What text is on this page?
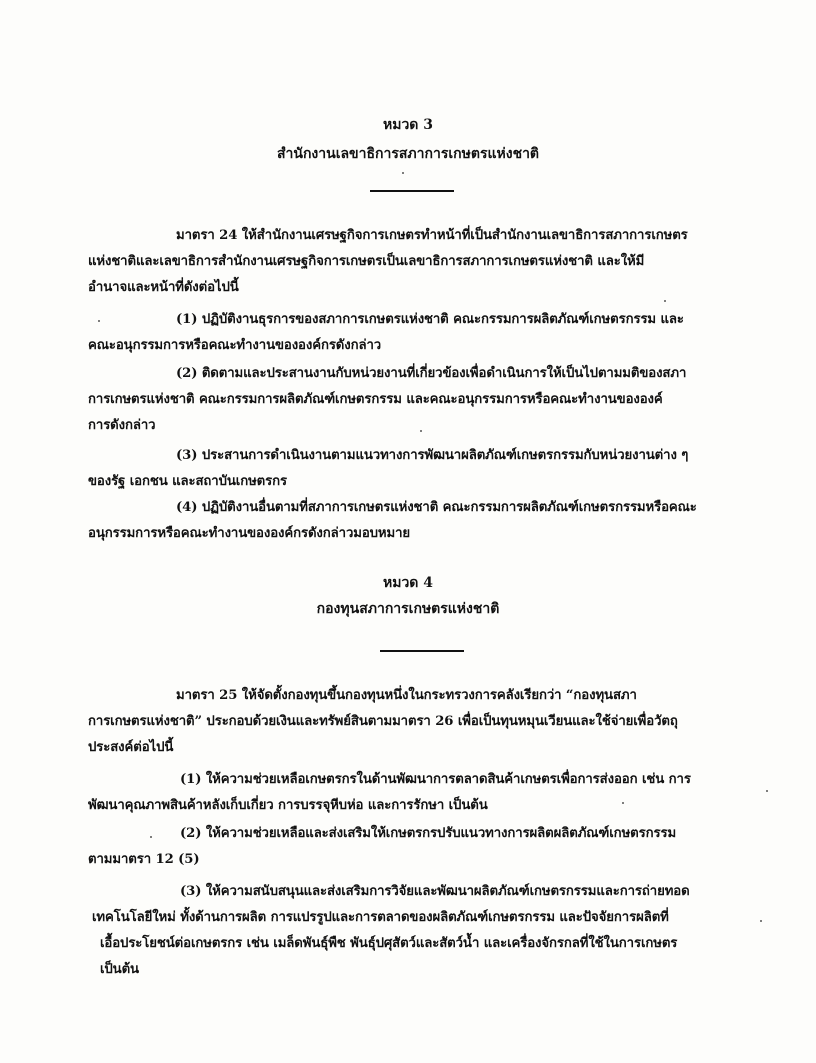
หมวด 3
สำนักงานเลขาธิการสภาการเกษตรแห่งชาติ
มาตรา 24 ให้สำนักงานเศรษฐกิจการเกษตรทำหน้าที่เป็นสำนักงานเลขาธิการสภาการเกษตร
แห่งชาติและเลขาธิการสำนักงานเศรษฐกิจการเกษตรเป็นเลขาธิการสภาการเกษตรแห่งชาติ และให้มี
อำนาจและหน้าที่ดังต่อไปนี้
(1) ปฏิบัติงานธุรการของสภาการเกษตรแห่งชาติ คณะกรรมการผลิตภัณฑ์เกษตรกรรม และ
คณะอนุกรรมการหรือคณะทำงานขององค์กรดังกล่าว
(2) ติดตามและประสานงานกับหน่วยงานที่เกี่ยวข้องเพื่อดำเนินการให้เป็นไปตามมติของสภา
การเกษตรแห่งชาติ คณะกรรมการผลิตภัณฑ์เกษตรกรรม และคณะอนุกรรมการหรือคณะทำงานขององค์
การดังกล่าว
(3) ประสานการดำเนินงานตามแนวทางการพัฒนาผลิตภัณฑ์เกษตรกรรมกับหน่วยงานต่าง ๆ
ของรัฐ เอกชน และสถาบันเกษตรกร
(4) ปฏิบัติงานอื่นตามที่สภาการเกษตรแห่งชาติ คณะกรรมการผลิตภัณฑ์เกษตรกรรมหรือคณะ
อนุกรรมการหรือคณะทำงานขององค์กรดังกล่าวมอบหมาย
หมวด 4
กองทุนสภาการเกษตรแห่งชาติ
มาตรา 25 ให้จัดตั้งกองทุนขึ้นกองทุนหนึ่งในกระทรวงการคลังเรียกว่า “กองทุนสภา
การเกษตรแห่งชาติ” ประกอบด้วยเงินและทรัพย์สินตามมาตรา 26 เพื่อเป็นทุนหมุนเวียนและใช้จ่ายเพื่อวัตถุ
ประสงค์ต่อไปนี้
(1) ให้ความช่วยเหลือเกษตรกรในด้านพัฒนาการตลาดสินค้าเกษตรเพื่อการส่งออก เช่น การ
พัฒนาคุณภาพสินค้าหลังเก็บเกี่ยว การบรรจุหีบห่อ และการรักษา เป็นต้น
(2) ให้ความช่วยเหลือและส่งเสริมให้เกษตรกรปรับแนวทางการผลิตผลิตภัณฑ์เกษตรกรรม
ตามมาตรา 12 (5)
(3) ให้ความสนับสนุนและส่งเสริมการวิจัยและพัฒนาผลิตภัณฑ์เกษตรกรรมและการถ่ายทอด
เทคโนโลยีใหม่ ทั้งด้านการผลิต การแปรรูปและการตลาดของผลิตภัณฑ์เกษตรกรรม และปัจจัยการผลิตที่
เอื้อประโยชน์ต่อเกษตรกร เช่น เมล็ดพันธุ์พืช พันธุ์ปศุสัตว์และสัตว์น้ำ และเครื่องจักรกลที่ใช้ในการเกษตร
เป็นต้น
